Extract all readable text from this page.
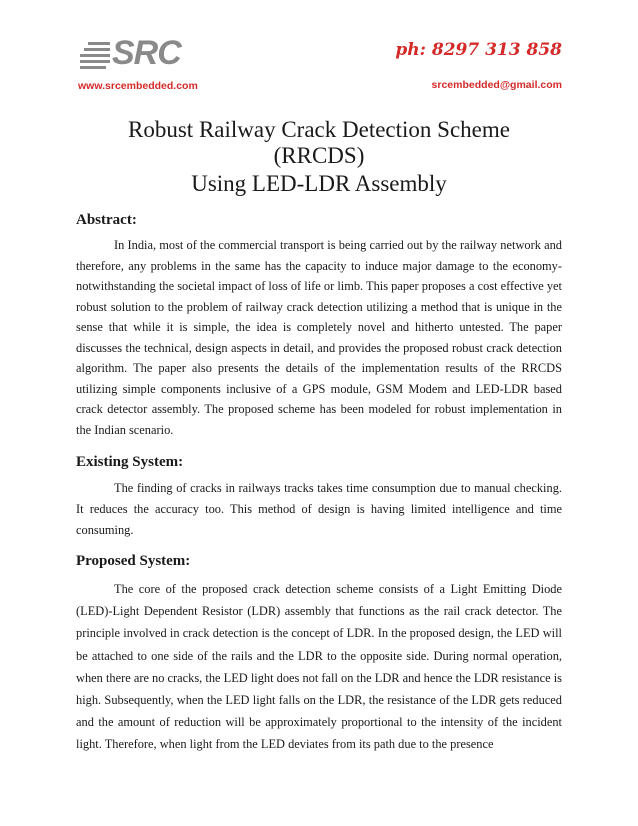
SRC
www.srcembedded.com
ph: 8297 313 858
srcembedded@gmail.com
Robust Railway Crack Detection Scheme
(RRCDS)
Using LED-LDR Assembly
Abstract:
In India, most of the commercial transport is being carried out by the railway network and therefore, any problems in the same has the capacity to induce major damage to the economy-notwithstanding the societal impact of loss of life or limb. This paper proposes a cost effective yet robust solution to the problem of railway crack detection utilizing a method that is unique in the sense that while it is simple, the idea is completely novel and hitherto untested. The paper discusses the technical, design aspects in detail, and provides the proposed robust crack detection algorithm. The paper also presents the details of the implementation results of the RRCDS utilizing simple components inclusive of a GPS module, GSM Modem and LED-LDR based crack detector assembly. The proposed scheme has been modeled for robust implementation in the Indian scenario.
Existing System:
The finding of cracks in railways tracks takes time consumption due to manual checking. It reduces the accuracy too. This method of design is having limited intelligence and time consuming.
Proposed System:
The core of the proposed crack detection scheme consists of a Light Emitting Diode (LED)-Light Dependent Resistor (LDR) assembly that functions as the rail crack detector. The principle involved in crack detection is the concept of LDR. In the proposed design, the LED will be attached to one side of the rails and the LDR to the opposite side. During normal operation, when there are no cracks, the LED light does not fall on the LDR and hence the LDR resistance is high. Subsequently, when the LED light falls on the LDR, the resistance of the LDR gets reduced and the amount of reduction will be approximately proportional to the intensity of the incident light. Therefore, when light from the LED deviates from its path due to the presence
